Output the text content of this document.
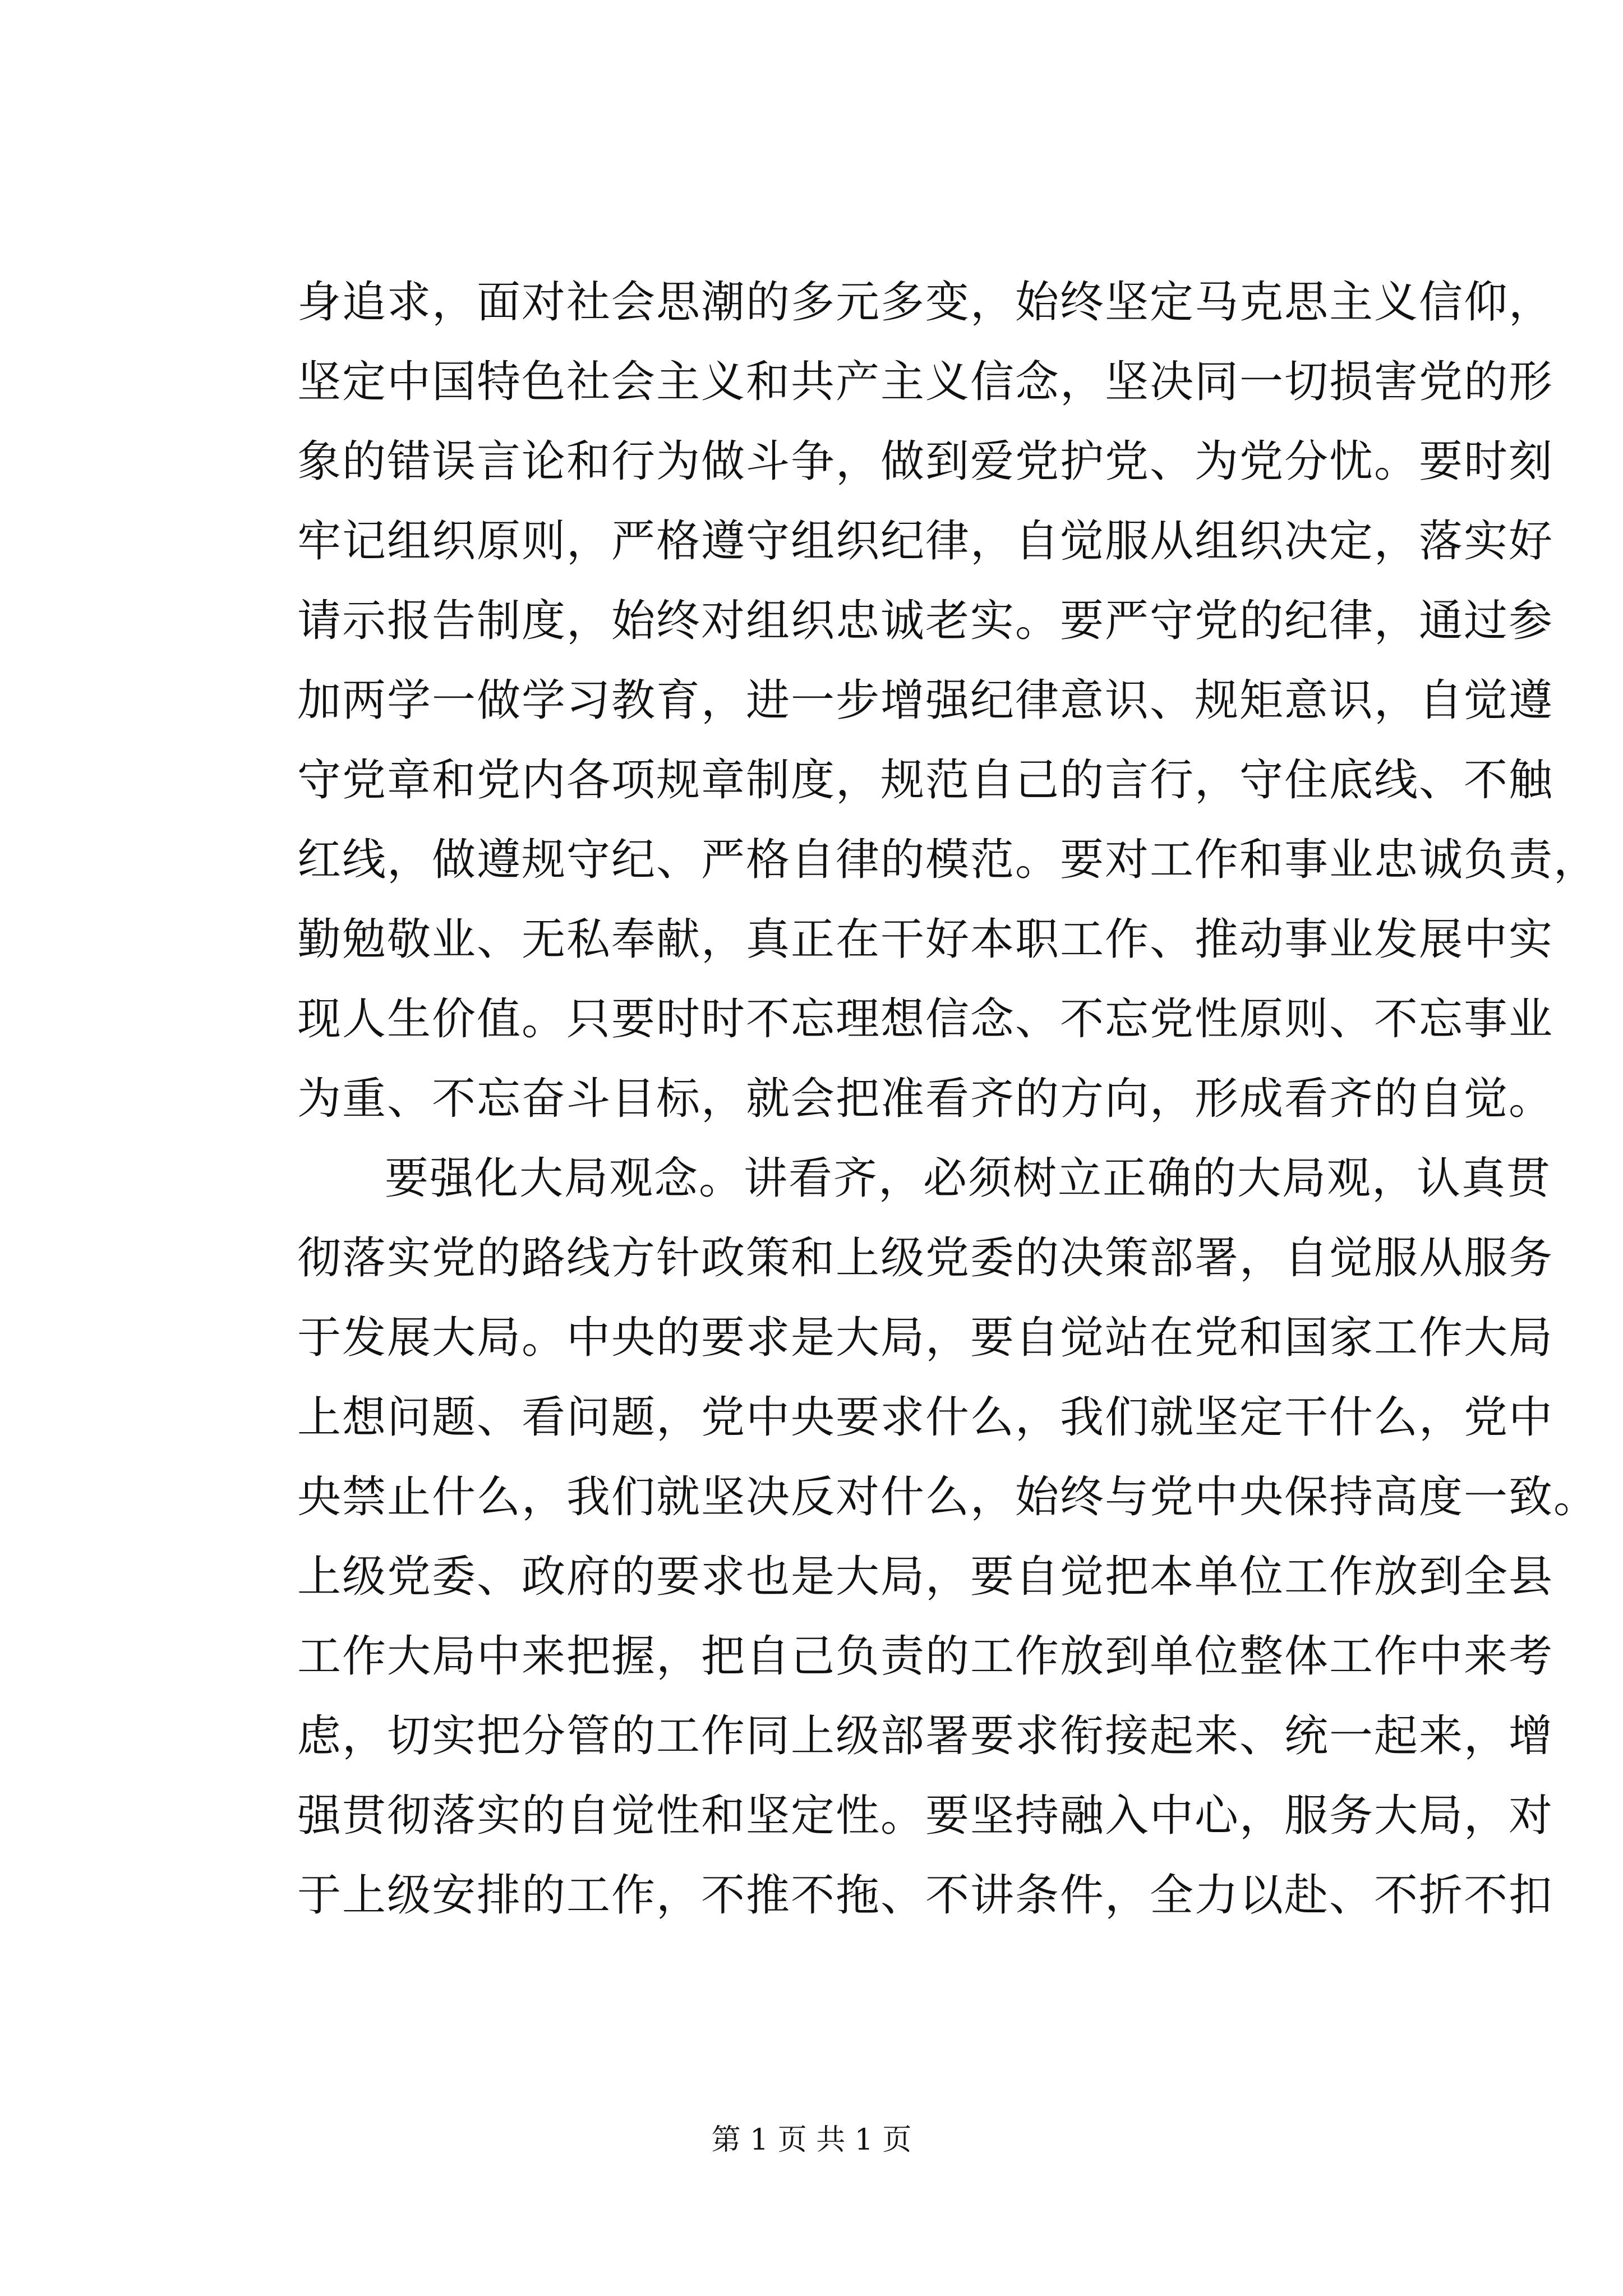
身追求，面对社会思潮的多元多变，始终坚定马克思主义信仰，
坚定中国特色社会主义和共产主义信念，坚决同一切损害党的形
象的错误言论和行为做斗争，做到爱党护党、为党分忧。要时刻
牢记组织原则，严格遵守组织纪律，自觉服从组织决定，落实好
请示报告制度，始终对组织忠诚老实。要严守党的纪律，通过参
加两学一做学习教育，进一步增强纪律意识、规矩意识，自觉遵
守党章和党内各项规章制度，规范自己的言行，守住底线、不触
红线，做遵规守纪、严格自律的模范。要对工作和事业忠诚负责，
勤勉敬业、无私奉献，真正在干好本职工作、推动事业发展中实
现人生价值。只要时时不忘理想信念、不忘党性原则、不忘事业
为重、不忘奋斗目标，就会把准看齐的方向，形成看齐的自觉。
要强化大局观念。讲看齐，必须树立正确的大局观，认真贯
彻落实党的路线方针政策和上级党委的决策部署，自觉服从服务
于发展大局。中央的要求是大局，要自觉站在党和国家工作大局
上想问题、看问题，党中央要求什么，我们就坚定干什么，党中
央禁止什么，我们就坚决反对什么，始终与党中央保持高度一致。
上级党委、政府的要求也是大局，要自觉把本单位工作放到全县
工作大局中来把握，把自己负责的工作放到单位整体工作中来考
虑，切实把分管的工作同上级部署要求衔接起来、统一起来，增
强贯彻落实的自觉性和坚定性。要坚持融入中心，服务大局，对
于上级安排的工作，不推不拖、不讲条件，全力以赴、不折不扣
第 1 页 共 1 页
